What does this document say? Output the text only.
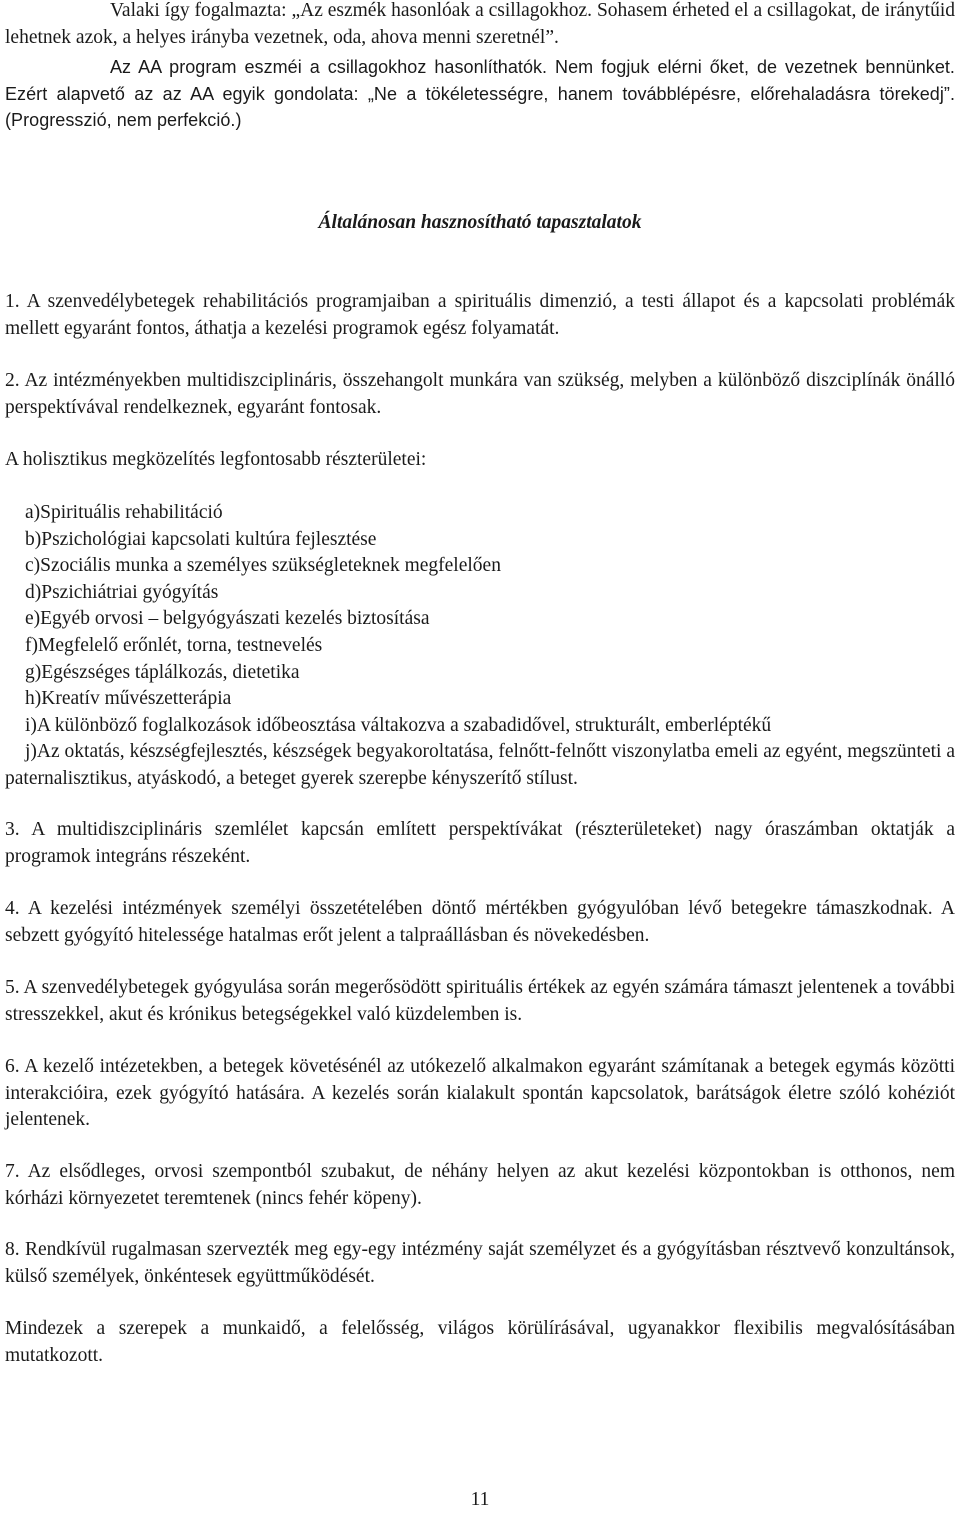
Valaki így fogalmazta: „Az eszmék hasonlóak a csillagokhoz. Sohasem érheted el a csillagokat, de iránytűid lehetnek azok, a helyes irányba vezetnek, oda, ahova menni szeretnél”.

Az AA program eszméi a csillagokhoz hasonlíthatók. Nem fogjuk elérni őket, de vezetnek bennünket. Ezért alapvető az az AA egyik gondolata: „Ne a tökéletességre, hanem továbblépésre, előrehaladásra törekedj”. (Progresszió, nem perfekció.)

Általánosan hasznosítható tapasztalatok

1. A szenvedélybetegek rehabilitációs programjaiban a spirituális dimenzió, a testi állapot és a kapcsolati problémák mellett egyaránt fontos, áthatja a kezelési programok egész folyamatát.

2. Az intézményekben multidiszciplináris, összehangolt munkára van szükség, melyben a különböző diszciplínák önálló perspektívával rendelkeznek, egyaránt fontosak.

A holisztikus megközelítés legfontosabb részterületei:

a)Spirituális rehabilitáció
b)Pszichológiai kapcsolati kultúra fejlesztése
c)Szociális munka a személyes szükségleteknek megfelelően
d)Pszichiátriai gyógyítás
e)Egyéb orvosi – belgyógyászati kezelés biztosítása
f)Megfelelő erőnlét, torna, testnevelés
g)Egészséges táplálkozás, dietetika
h)Kreatív művészetterápia
i)A különböző foglalkozások időbeosztása váltakozva a szabadidővel, strukturált, emberléptékű
j)Az oktatás, készségfejlesztés, készségek begyakoroltatása, felnőtt-felnőtt viszonylatba emeli az egyént, megszünteti a paternalisztikus, atyáskodó, a beteget gyerek szerepbe kényszerítő stílust.

3. A multidiszciplináris szemlélet kapcsán említett perspektívákat (részterületeket) nagy óraszámban oktatják a programok integráns részeként.

4. A kezelési intézmények személyi összetételében döntő mértékben gyógyulóban lévő betegekre támaszkodnak. A sebzett gyógyító hitelessége hatalmas erőt jelent a talpraállásban és növekedésben.

5. A szenvedélybetegek gyógyulása során megerősödött spirituális értékek az egyén számára támaszt jelentenek a további stresszekkel, akut és krónikus betegségekkel való küzdelemben is.

6. A kezelő intézetekben, a betegek követésénél az utókezelő alkalmakon egyaránt számítanak a betegek egymás közötti interakcióira, ezek gyógyító hatására. A kezelés során kialakult spontán kapcsolatok, barátságok életre szóló kohéziót jelentenek.

7. Az elsődleges, orvosi szempontból szubakut, de néhány helyen az akut kezelési központokban is otthonos, nem kórházi környezetet teremtenek (nincs fehér köpeny).

8. Rendkívül rugalmasan szervezték meg egy-egy intézmény saját személyzet és a gyógyításban résztvevő konzultánsok, külső személyek, önkéntesek együttműködését.

Mindezek a szerepek a munkaidő, a felelősség, világos körülírásával, ugyanakkor flexibilis megvalósításában mutatkozott.

11
